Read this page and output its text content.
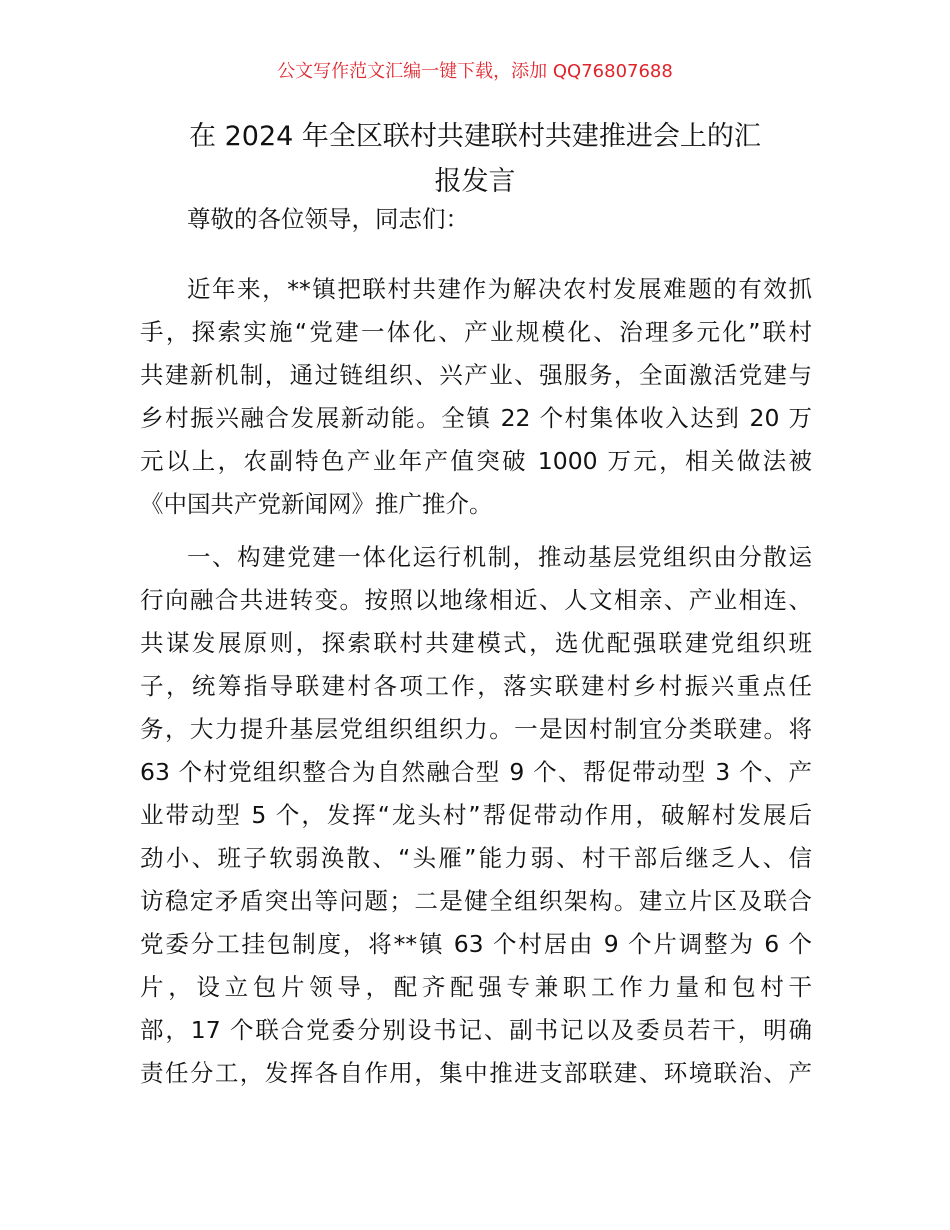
公文写作范文汇编一键下载，添加 QQ76807688
在 2024 年全区联村共建联村共建推进会上的汇
报发言
尊敬的各位领导，同志们：
近年来，**镇把联村共建作为解决农村发展难题的有效抓
手，探索实施“党建一体化、产业规模化、治理多元化”联村
共建新机制，通过链组织、兴产业、强服务，全面激活党建与
乡村振兴融合发展新动能。全镇 22 个村集体收入达到 20 万
元以上，农副特色产业年产值突破 1000 万元，相关做法被
《中国共产党新闻网》推广推介。
一、构建党建一体化运行机制，推动基层党组织由分散运
行向融合共进转变。按照以地缘相近、人文相亲、产业相连、
共谋发展原则，探索联村共建模式，选优配强联建党组织班
子，统筹指导联建村各项工作，落实联建村乡村振兴重点任
务，大力提升基层党组织组织力。一是因村制宜分类联建。将
63 个村党组织整合为自然融合型 9 个、帮促带动型 3 个、产
业带动型 5 个，发挥“龙头村”帮促带动作用，破解村发展后
劲小、班子软弱涣散、“头雁”能力弱、村干部后继乏人、信
访稳定矛盾突出等问题；二是健全组织架构。建立片区及联合
党委分工挂包制度，将**镇 63 个村居由 9 个片调整为 6 个
片，设立包片领导，配齐配强专兼职工作力量和包村干
部，17 个联合党委分别设书记、副书记以及委员若干，明确
责任分工，发挥各自作用，集中推进支部联建、环境联治、产
